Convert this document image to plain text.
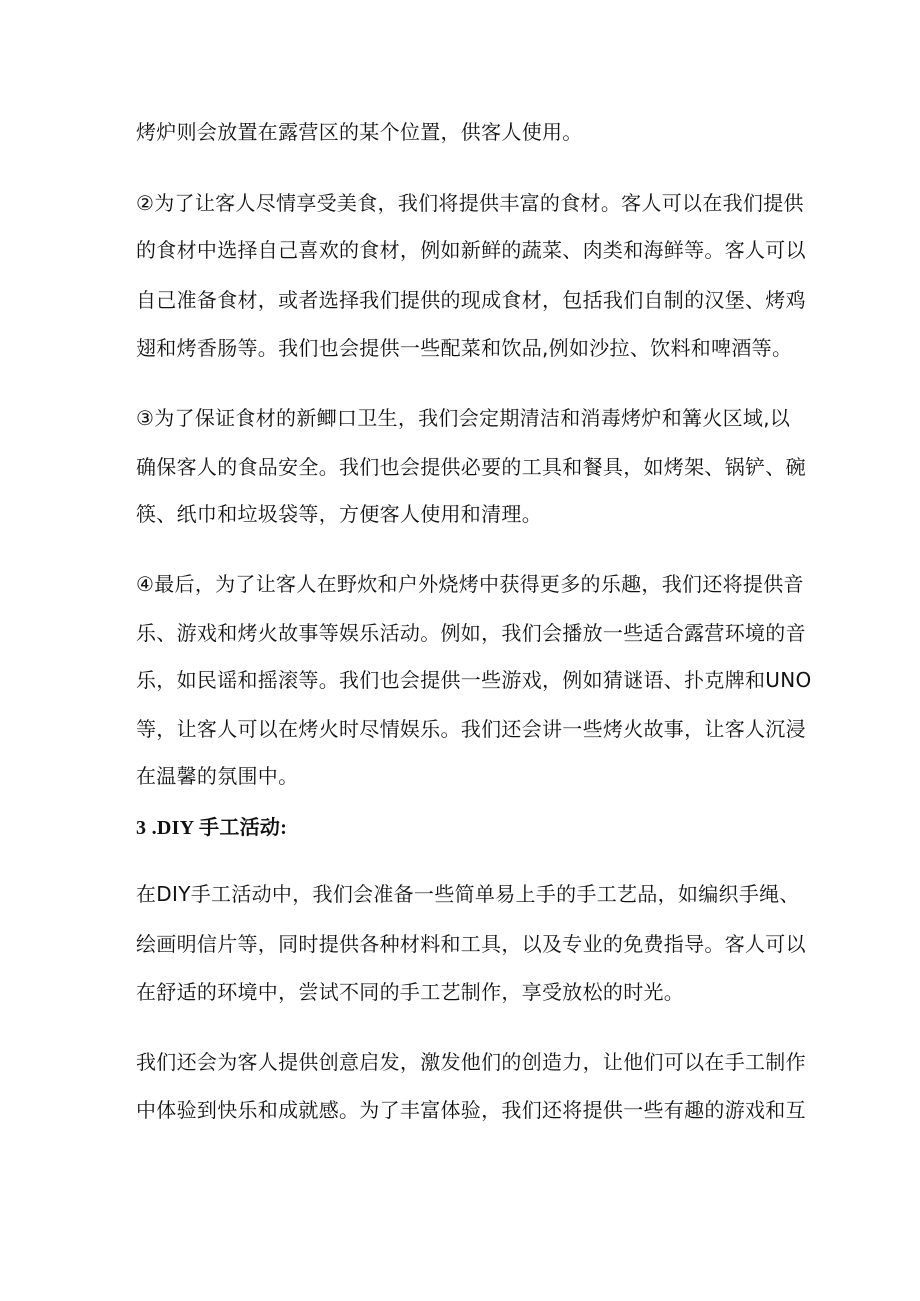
烤炉则会放置在露营区的某个位置，供客人使用。
②为了让客人尽情享受美食，我们将提供丰富的食材。客人可以在我们提供
的食材中选择自己喜欢的食材，例如新鲜的蔬菜、肉类和海鲜等。客人可以
自己准备食材，或者选择我们提供的现成食材，包括我们自制的汉堡、烤鸡
翅和烤香肠等。我们也会提供一些配菜和饮品,例如沙拉、饮料和啤酒等。
③为了保证食材的新鲫口卫生，我们会定期清洁和消毒烤炉和篝火区域,以
确保客人的食品安全。我们也会提供必要的工具和餐具，如烤架、锅铲、碗
筷、纸巾和垃圾袋等，方便客人使用和清理。
④最后，为了让客人在野炊和户外烧烤中获得更多的乐趣，我们还将提供音
乐、游戏和烤火故事等娱乐活动。例如，我们会播放一些适合露营环境的音
乐，如民谣和摇滚等。我们也会提供一些游戏，例如猜谜语、扑克牌和UNO
等，让客人可以在烤火时尽情娱乐。我们还会讲一些烤火故事，让客人沉浸
在温馨的氛围中。
3 .DIY 手工活动:
在DIY手工活动中，我们会准备一些简单易上手的手工艺品，如编织手绳、
绘画明信片等，同时提供各种材料和工具，以及专业的免费指导。客人可以
在舒适的环境中，尝试不同的手工艺制作，享受放松的时光。
我们还会为客人提供创意启发，激发他们的创造力，让他们可以在手工制作
中体验到快乐和成就感。为了丰富体验，我们还将提供一些有趣的游戏和互
